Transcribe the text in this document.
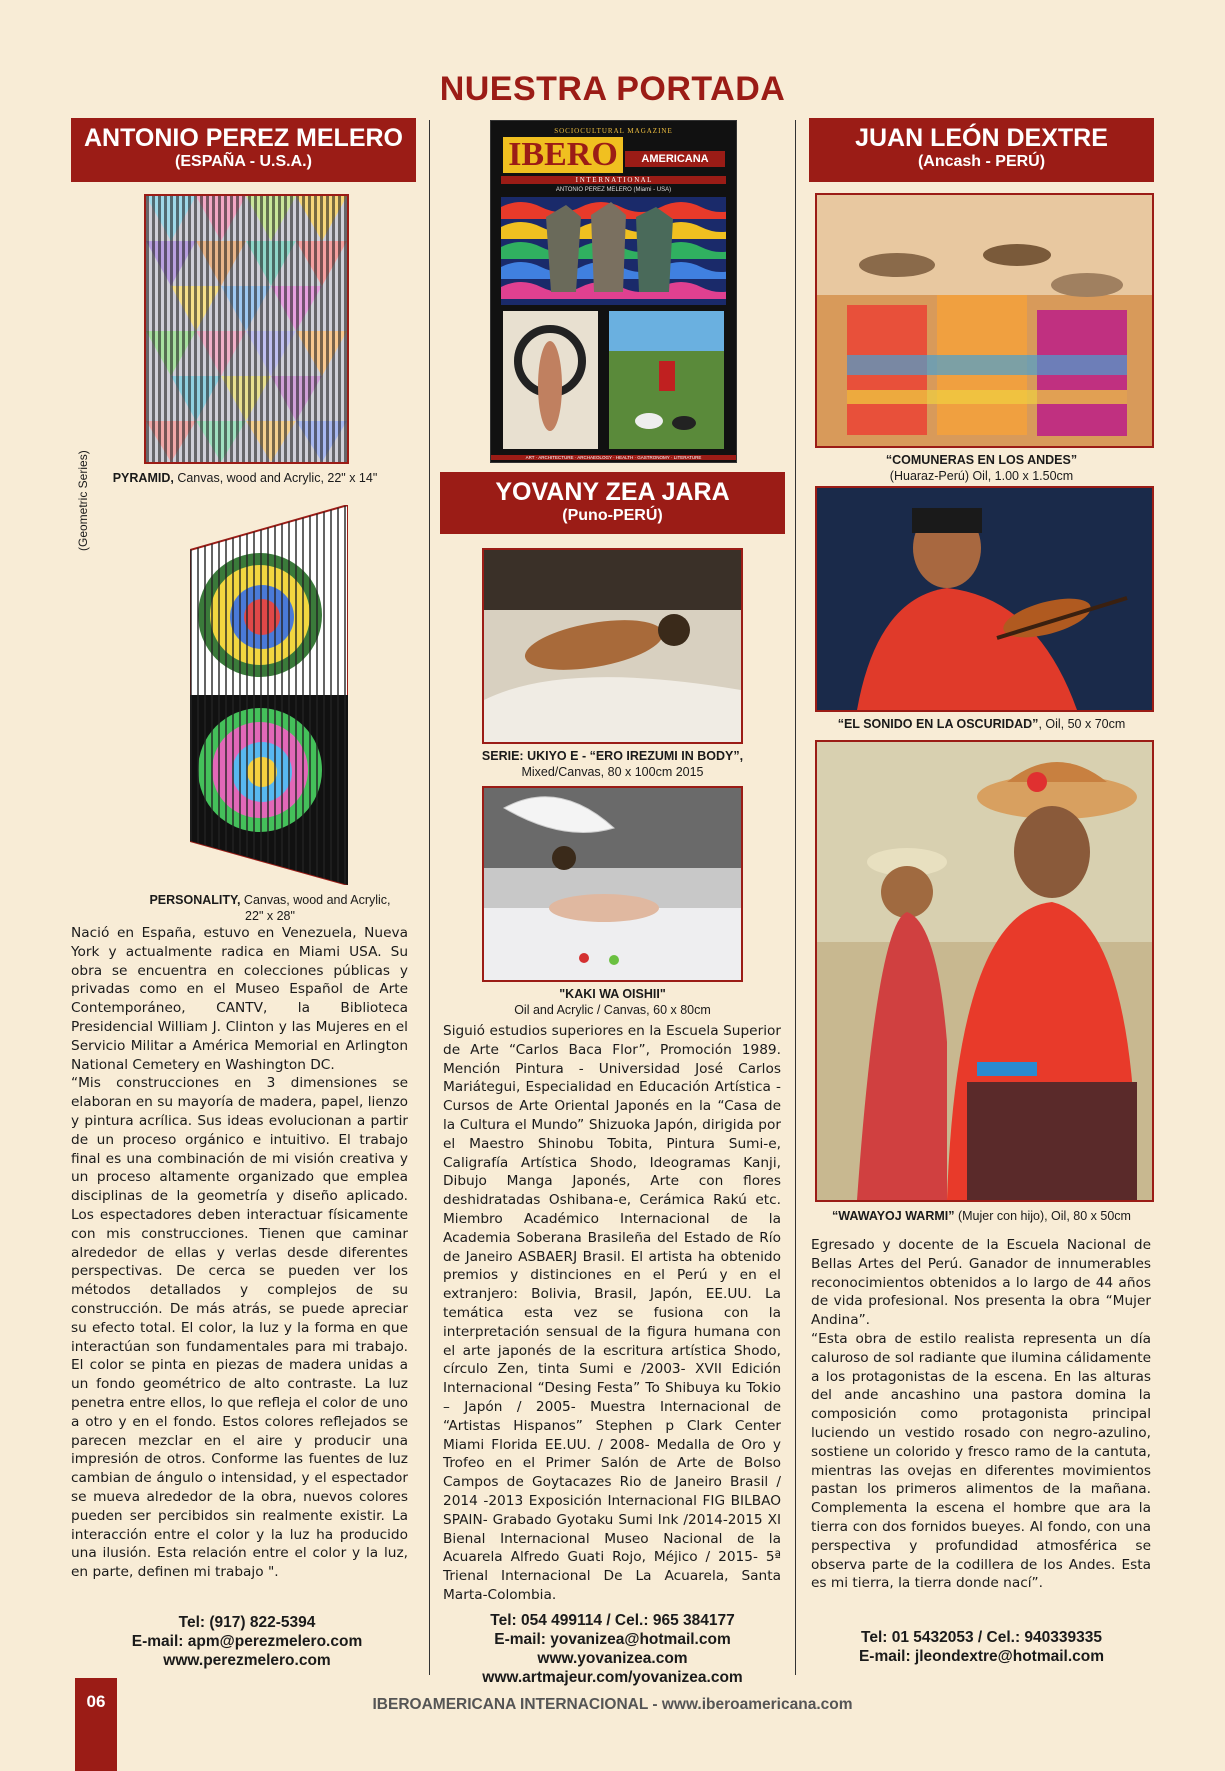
NUESTRA PORTADA
ANTONIO PEREZ MELERO
(ESPAÑA - U.S.A.)
(Geometric Series)	PYRAMID, Canvas, wood and Acrylic, 22" x 14"
PERSONALITY, Canvas, wood and Acrylic,
22" x 28"

Nació en España, estuvo en Venezuela, Nueva York y actualmente radica en Miami USA. Su obra se encuentra en colecciones públicas y privadas como en el Museo Español de Arte Contemporáneo, CANTV, la Biblioteca Presidencial William J. Clinton y las Mujeres en el Servicio Militar a América Memorial en Arlington National Cemetery en Washington DC.

“Mis construcciones en 3 dimensiones se elaboran en su mayoría de madera, papel, lienzo y pintura acrílica. Sus ideas evolucionan a partir de un proceso orgánico e intuitivo. El trabajo final es una combinación de mi visión creativa y un proceso altamente organizado que emplea disciplinas de la geometría y diseño aplicado. Los espectadores deben interactuar físicamente con mis construcciones. Tienen que caminar alrededor de ellas y verlas desde diferentes perspectivas. De cerca se pueden ver los métodos detallados y complejos de su construcción. De más atrás, se puede apreciar su efecto total. El color, la luz y la forma en que interactúan son fundamentales para mi trabajo. El color se pinta en piezas de madera unidas a un fondo geométrico de alto contraste. La luz penetra entre ellos, lo que refleja el color de uno a otro y en el fondo. Estos colores reflejados se parecen mezclar en el aire y producir una impresión de otros. Conforme las fuentes de luz cambian de ángulo o intensidad, y el espectador se mueva alrededor de la obra, nuevos colores pueden ser percibidos sin realmente existir. La interacción entre el color y la luz ha producido una ilusión. Esta relación entre el color y la luz, en parte, definen mi trabajo ".

Tel: (917) 822-5394
E-mail: apm@perezmelero.com
www.perezmelero.com
SOCIOCULTURAL MAGAZINE
IBERO	AMERICANA
I N T E R N A T I O N A L
ANTONIO PEREZ MELERO (Miami - USA)
ART · ARCHITECTURE · ARCHAEOLOGY · HEALTH · GASTRONOMY · LITERATURE
YOVANY ZEA JARA
(Puno-PERÚ)
SERIE: UKIYO E - “ERO IREZUMI IN BODY”,
Mixed/Canvas, 80 x 100cm 2015
"KAKI WA OISHII"
Oil and Acrylic / Canvas, 60 x 80cm

Siguió estudios superiores en la Escuela Superior de Arte “Carlos Baca Flor”, Promoción 1989. Mención Pintura - Universidad José Carlos Mariátegui, Especialidad en Educación Artística - Cursos de Arte Oriental Japonés en la “Casa de la Cultura el Mundo” Shizuoka Japón, dirigida por el Maestro Shinobu Tobita, Pintura Sumi-e, Caligrafía Artística Shodo, Ideogramas Kanji, Dibujo Manga Japonés, Arte con flores deshidratadas Oshibana-e, Cerámica Rakú etc. Miembro Académico Internacional de la Academia Soberana Brasileña del Estado de Río de Janeiro ASBAERJ Brasil. El artista ha obtenido premios y distinciones en el Perú y en el extranjero: Bolivia, Brasil, Japón, EE.UU. La temática esta vez se fusiona con la interpretación sensual de la figura humana con el arte japonés de la escritura artística Shodo, círculo Zen, tinta Sumi e /2003- XVII Edición Internacional “Desing Festa” To Shibuya ku Tokio – Japón / 2005- Muestra Internacional de “Artistas Hispanos” Stephen p Clark Center Miami Florida EE.UU. / 2008- Medalla de Oro y Trofeo en el Primer Salón de Arte de Bolso Campos de Goytacazes Rio de Janeiro Brasil / 2014 -2013 Exposición Internacional FIG BILBAO SPAIN- Grabado Gyotaku Sumi Ink /2014-2015 XI Bienal Internacional Museo Nacional de la Acuarela Alfredo Guati Rojo, Méjico / 2015- 5ª Trienal Internacional De La Acuarela, Santa Marta-Colombia.

Tel: 054 499114 / Cel.: 965 384177
E-mail: yovanizea@hotmail.com
www.yovanizea.com
www.artmajeur.com/yovanizea.com
JUAN LEÓN DEXTRE
(Ancash - PERÚ)
“COMUNERAS EN LOS ANDES”
(Huaraz-Perú) Oil, 1.00 x 1.50cm
“EL SONIDO EN LA OSCURIDAD”, Oil, 50 x 70cm
“WAWAYOJ WARMI” (Mujer con hijo), Oil, 80 x 50cm

Egresado y docente de la Escuela Nacional de Bellas Artes del Perú. Ganador de innumerables reconocimientos obtenidos a lo largo de 44 años de vida profesional. Nos presenta la obra “Mujer Andina”.

“Esta obra de estilo realista representa un día caluroso de sol radiante que ilumina cálidamente a los protagonistas de la escena. En las alturas del ande ancashino una pastora domina la composición como protagonista principal luciendo un vestido rosado con negro-azulino, sostiene un colorido y fresco ramo de la cantuta, mientras las ovejas en diferentes movimientos pastan los primeros alimentos de la mañana. Complementa la escena el hombre que ara la tierra con dos fornidos bueyes. Al fondo, con una perspectiva y profundidad atmosférica se observa parte de la codillera de los Andes. Esta es mi tierra, la tierra donde nací”.

Tel: 01 5432053 / Cel.: 940339335
E-mail: jleondextre@hotmail.com
06	IBEROAMERICANA INTERNACIONAL - www.iberoamericana.com
